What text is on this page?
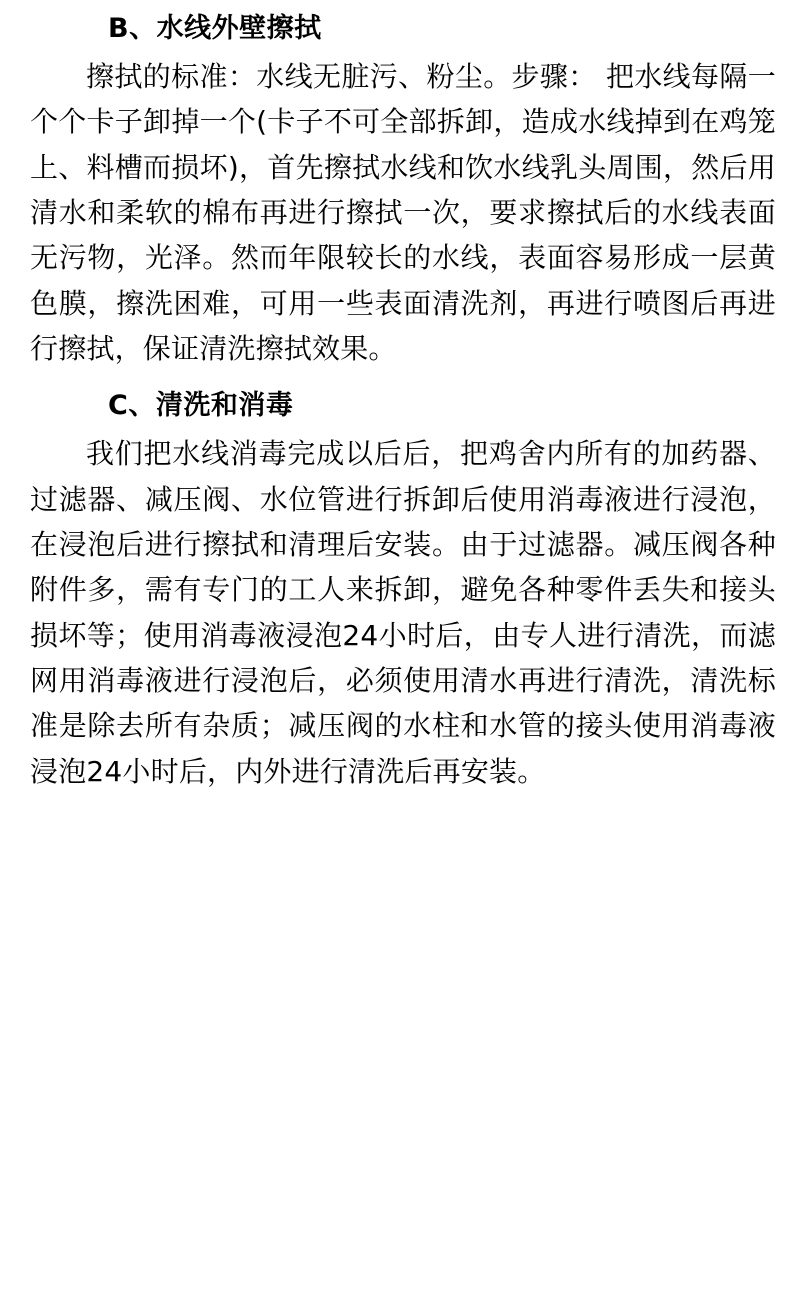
B、水线外壁擦拭

擦拭的标准：水线无脏污、粉尘。步骤： 把水线每隔一个个卡子卸掉一个(卡子不可全部拆卸，造成水线掉到在鸡笼上、料槽而损坏)，首先擦拭水线和饮水线乳头周围，然后用清水和柔软的棉布再进行擦拭一次，要求擦拭后的水线表面无污物，光泽。然而年限较长的水线，表面容易形成一层黄色膜，擦洗困难，可用一些表面清洗剂，再进行喷图后再进行擦拭，保证清洗擦拭效果。

C、清洗和消毒

我们把水线消毒完成以后后，把鸡舍内所有的加药器、过滤器、减压阀、水位管进行拆卸后使用消毒液进行浸泡，在浸泡后进行擦拭和清理后安装。由于过滤器。减压阀各种附件多，需有专门的工人来拆卸，避免各种零件丢失和接头损坏等；使用消毒液浸泡24小时后，由专人进行清洗，而滤网用消毒液进行浸泡后，必须使用清水再进行清洗，清洗标准是除去所有杂质；减压阀的水柱和水管的接头使用消毒液浸泡24小时后，内外进行清洗后再安装。
